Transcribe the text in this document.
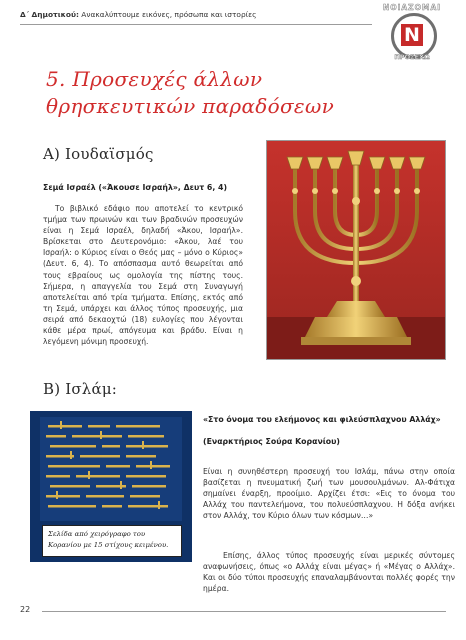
Δ΄ Δημοτικού: Ανακαλύπτουμε εικόνες, πρόσωπα και ιστορίες
ΝΟΙΑΖΟΜΑΙ
N
ΠΡΟΣΕΧΩ
5. Προσευχές άλλων
θρησκευτικών παραδόσεων
Α) Ιουδαϊσμός
Σεμά Ισραέλ («Άκουσε Ισραήλ», Δευτ 6, 4)
Το βιβλικό εδάφιο που αποτελεί το κεντρικό τμήμα των πρωινών και των βραδινών προσευχών είναι η Σεμά Ισραέλ, δηλαδή «Άκου, Ισραήλ». Βρίσκεται στο Δευτερονόμιο: «Άκου, λαέ του Ισραήλ: ο Κύριος είναι ο Θεός μας – μόνο ο Κύριος» (Δευτ. 6, 4). Το απόσπασμα αυτό θεωρείται από τους εβραίους ως ομολογία της πίστης τους. Σήμερα, η απαγγελία του Σεμά στη Συναγωγή αποτελείται από τρία τμήματα. Επίσης, εκτός από τη Σεμά, υπάρχει και άλλος τύπος προσευχής, μια σειρά από δεκαοχτώ (18) ευλογίες που λέγονται κάθε μέρα πρωί, απόγευμα και βράδυ. Είναι η λεγόμενη μόνιμη προσευχή.
Β) Ισλάμ:
Σελίδα από χειρόγραφο του Κορανίου με 15 στίχους κειμένου.
«Στο όνομα του ελεήμονος και φιλεύσπλαχνου Αλλάχ»
(Εναρκτήριος Σούρα Κορανίου)
Είναι η συνηθέστερη προσευχή του Ισλάμ, πάνω στην οποία βασίζεται η πνευματική ζωή των μουσουλμάνων. Αλ-Φάτιχα σημαίνει έναρξη, προοίμιο. Αρχίζει έτσι: «Εις το όνομα του Αλλάχ του παντελεήμονα, του πολυεύσπλαχνου. Η δόξα ανήκει στον Αλλάχ, τον Κύριο όλων των κόσμων…»

Επίσης, άλλος τύπος προσευχής είναι μερικές σύντομες αναφωνήσεις, όπως «ο Αλλάχ είναι μέγας» ή «Μέγας ο Αλλάχ». Και οι δύο τύποι προσευχής επαναλαμβάνονται πολλές φορές την ημέρα.

22
